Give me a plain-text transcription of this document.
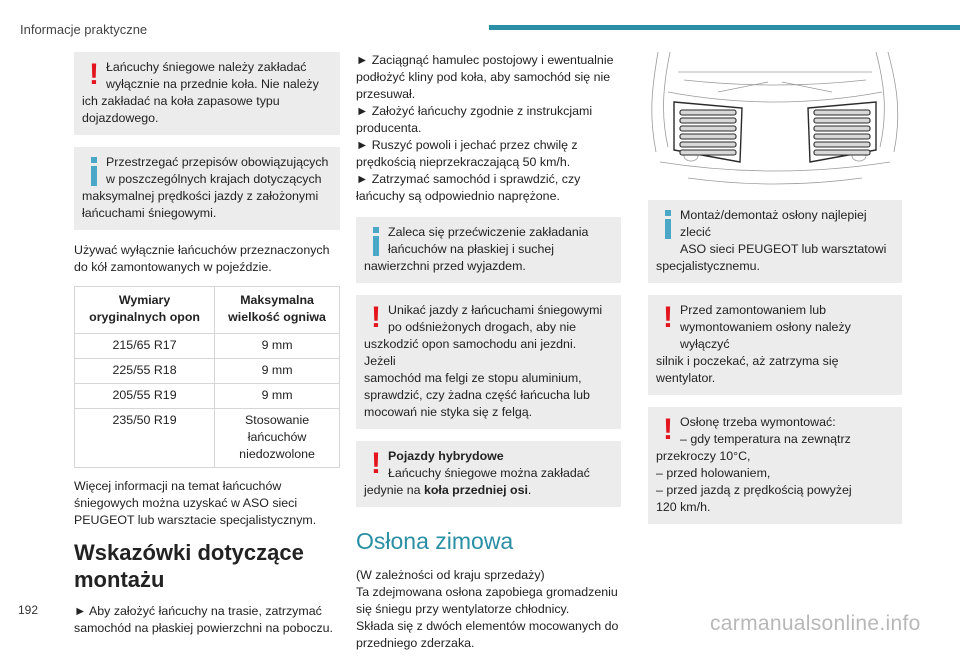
Informacje praktyczne
! Łańcuchy śniegowe należy zakładać
wyłącznie na przednie koła. Nie należy
ich zakładać na koła zapasowe typu
dojazdowego.
Przestrzegać przepisów obowiązujących
w poszczególnych krajach dotyczących
maksymalnej prędkości jazdy z założonymi
łańcuchami śniegowymi.

Używać wyłącznie łańcuchów przeznaczonych
do kół zamontowanych w pojeździe.

Wymiary
oryginalnych opon	Maksymalna
wielkość ogniwa
215/65 R17	9 mm
225/55 R18	9 mm
205/55 R19	9 mm
235/50 R19	Stosowanie
łańcuchów
niedozwolone

Więcej informacji na temat łańcuchów
śniegowych można uzyskać w ASO sieci
PEUGEOT lub warsztacie specjalistycznym.

Wskazówki dotyczące
montażu

► Aby założyć łańcuchy na trasie, zatrzymać
samochód na płaskiej powierzchni na poboczu.

► Zaciągnąć hamulec postojowy i ewentualnie
podłożyć kliny pod koła, aby samochód się nie
przesuwał.
► Założyć łańcuchy zgodnie z instrukcjami
producenta.
► Ruszyć powoli i jechać przez chwilę z
prędkością nieprzekraczającą 50 km/h.
► Zatrzymać samochód i sprawdzić, czy
łańcuchy są odpowiednio naprężone.

Zaleca się przećwiczenie zakładania
łańcuchów na płaskiej i suchej
nawierzchni przed wyjazdem.
! Unikać jazdy z łańcuchami śniegowymi
po odśnieżonych drogach, aby nie
uszkodzić opon samochodu ani jezdni. Jeżeli
samochód ma felgi ze stopu aluminium,
sprawdzić, czy żadna część łańcucha lub
mocowań nie styka się z felgą.
! Pojazdy hybrydowe
Łańcuchy śniegowe można zakładać
jedynie na koła przedniej osi.
Osłona zimowa

(W zależności od kraju sprzedaży)
Ta zdejmowana osłona zapobiega gromadzeniu
się śniegu przy wentylatorze chłodnicy.
Składa się z dwóch elementów mocowanych do
przedniego zderzaka.

Montaż/demontaż osłony najlepiej zlecić
ASO sieci PEUGEOT lub warsztatowi
specjalistycznemu.
! Przed zamontowaniem lub
wymontowaniem osłony należy wyłączyć
silnik i poczekać, aż zatrzyma się wentylator.
! Osłonę trzeba wymontować:
– gdy temperatura na zewnątrz
przekroczy 10°C,
– przed holowaniem,
– przed jazdą z prędkością powyżej
120 km/h.
192
carmanualsonline.info
